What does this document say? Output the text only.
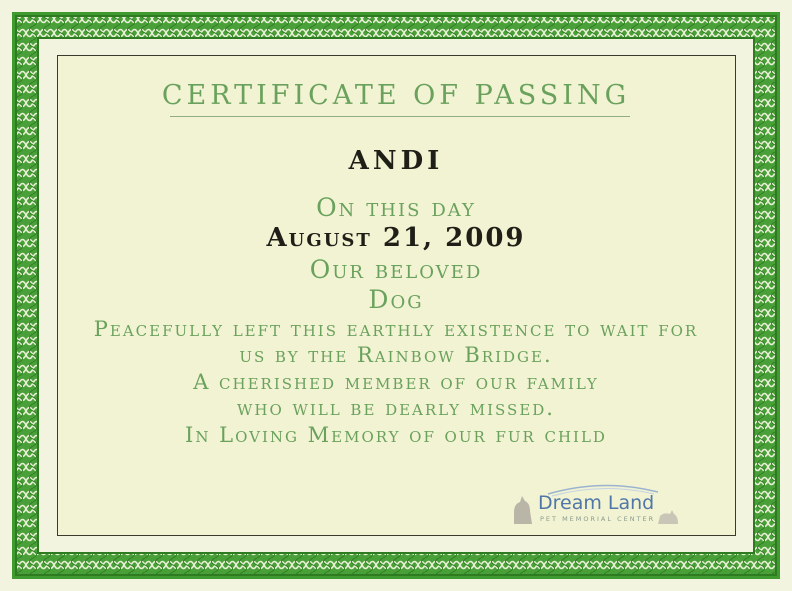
CERTIFICATE OF PASSING
ANDI
On this day
August 21, 2009
Our beloved
Dog
Peacefully left this earthly existence to wait for
us by the Rainbow Bridge.
A cherished member of our family
who will be dearly missed.
In Loving Memory of our fur child
Dream Land
PET MEMORIAL CENTER
